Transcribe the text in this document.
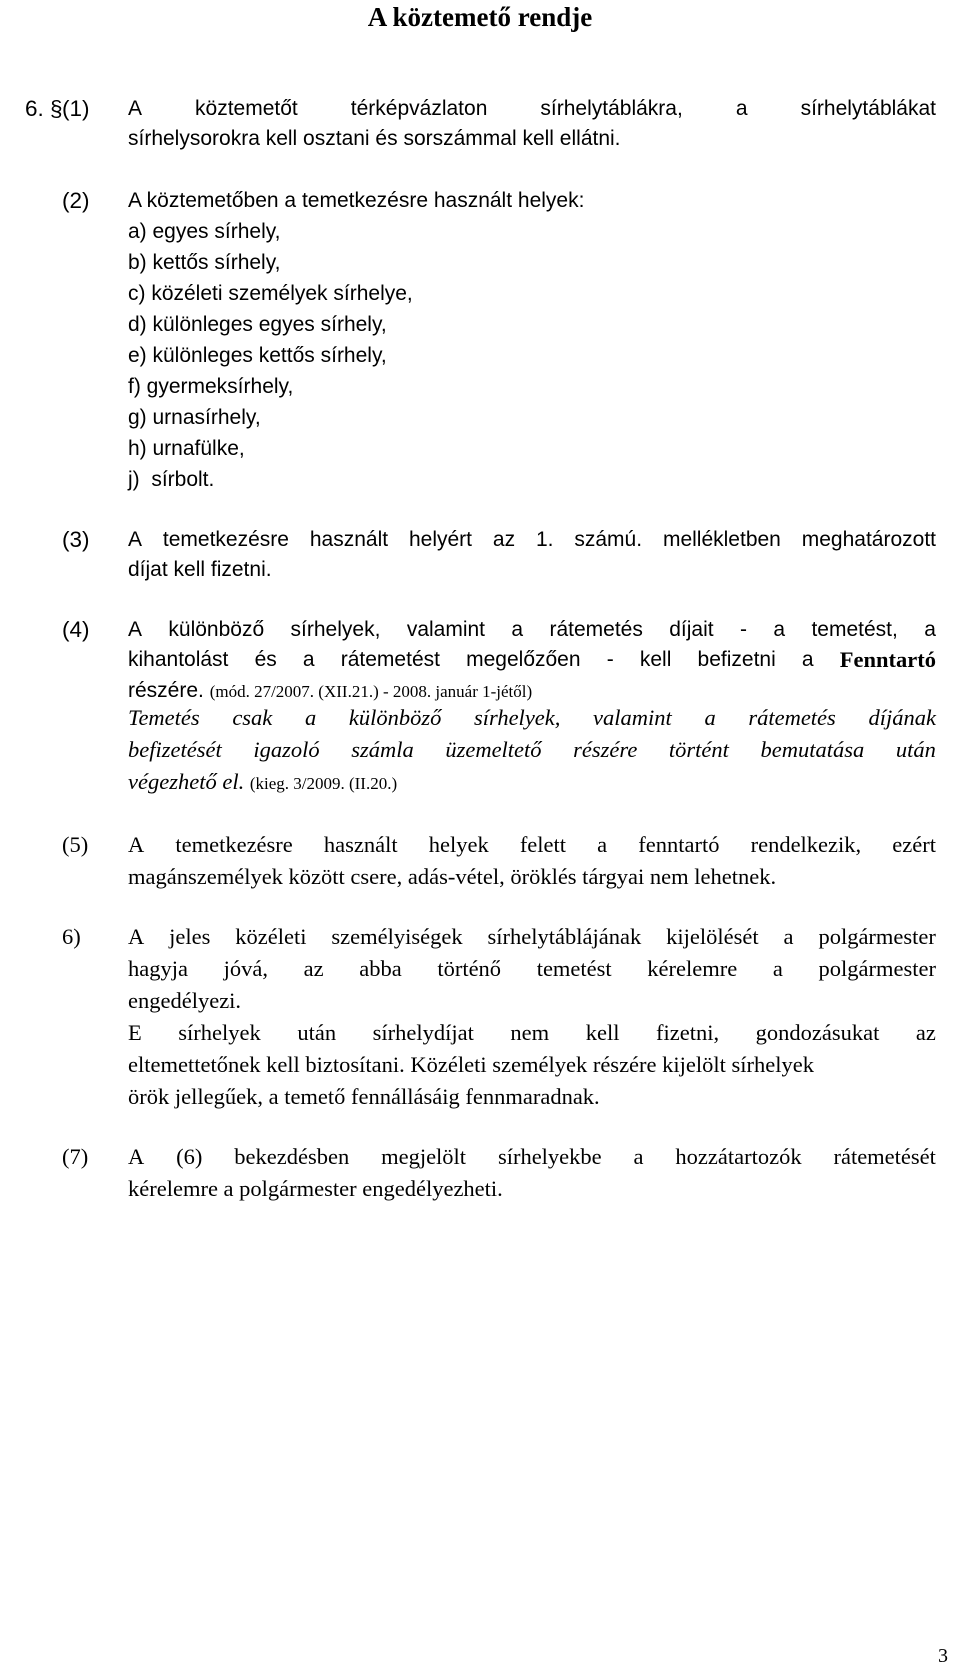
A köztemető rendje
6. § (1) A	köztemetőt	térképvázlaton	sírhelytáblákra,	a	sírhelytáblákat
sírhelysorokra kell osztani és sorszámmal kell ellátni.
(2) A köztemetőben a temetkezésre használt helyek:
a) egyes sírhely,
b) kettős sírhely,
c) közéleti személyek sírhelye,
d) különleges egyes sírhely,
e) különleges kettős sírhely,
f) gyermeksírhely,
g) urnasírhely,
h) urnafülke,
j)  sírbolt.
(3) A temetkezésre használt helyért az 1. számú. mellékletben meghatározott
díjat kell fizetni.
(4) A különböző sírhelyek, valamint a rátemetés díjait - a temetést, a
kihantolást és a rátemetést megelőzően - kell befizetni a Fenntartó
részére. (mód. 27/2007. (XII.21.) - 2008. január 1-jétől)
Temetés csak a különböző sírhelyek, valamint a rátemetés díjának
befizetését igazoló számla üzemeltető részére történt bemutatása után
végezhető el. (kieg. 3/2009. (II.20.)
(5) A temetkezésre használt helyek felett a fenntartó rendelkezik, ezért
magánszemélyek között csere, adás-vétel, öröklés tárgyai nem lehetnek.
6) A jeles közéleti személyiségek sírhelytáblájának kijelölését a polgármester
hagyja jóvá, az abba történő temetést kérelemre a polgármester
engedélyezi.
E sírhelyek után sírhelydíjat nem kell fizetni, gondozásukat az
eltemettetőnek kell biztosítani. Közéleti személyek részére kijelölt sírhelyek
örök jellegűek, a temető fennállásáig fennmaradnak.
(7) A (6) bekezdésben megjelölt sírhelyekbe a hozzátartozók rátemetését
kérelemre a polgármester engedélyezheti.
3
